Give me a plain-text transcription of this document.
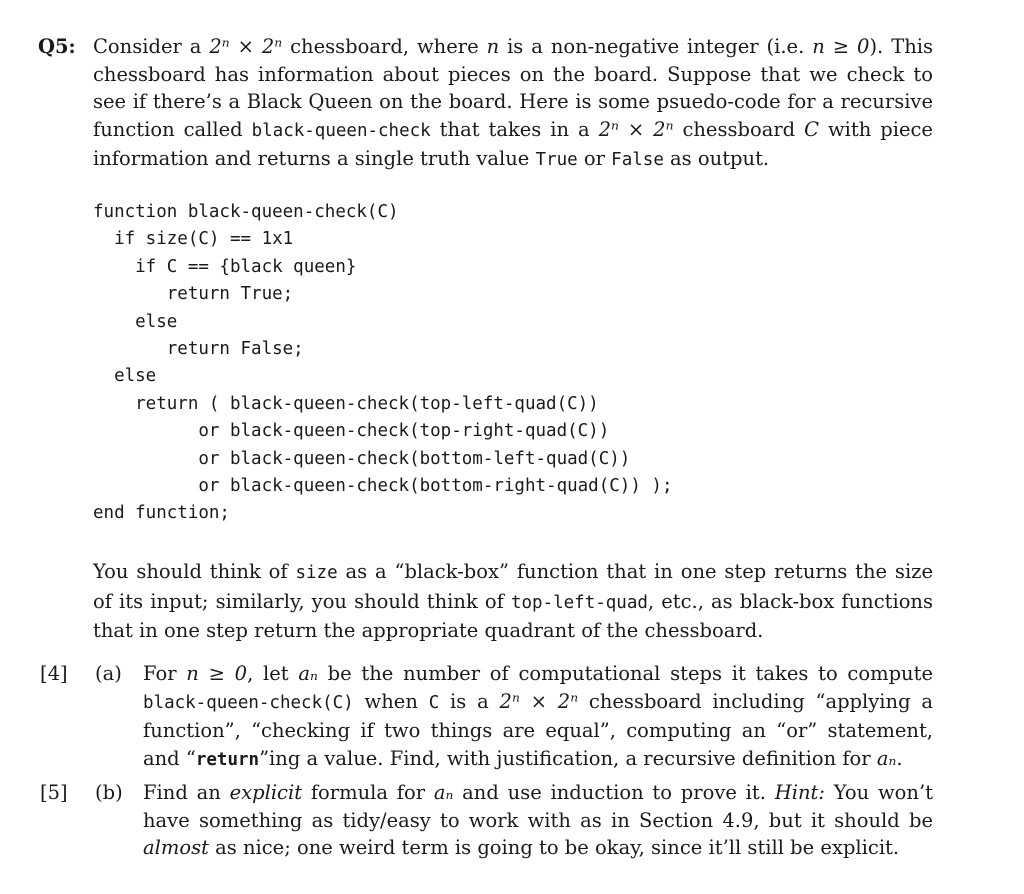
Q5: Consider a 2ⁿ × 2ⁿ chessboard, where n is a non-negative integer (i.e. n ≥ 0). This chessboard has information about pieces on the board. Suppose that we check to see if there’s a Black Queen on the board. Here is some psuedo-code for a recursive function called black-queen-check that takes in a 2ⁿ × 2ⁿ chessboard C with piece information and returns a single truth value True or False as output.
function black-queen-check(C)
if size(C) == 1x1
if C == {black queen}
return True;
else
return False;
else
return ( black-queen-check(top-left-quad(C))
or black-queen-check(top-right-quad(C))
or black-queen-check(bottom-left-quad(C))
or black-queen-check(bottom-right-quad(C)) );
end function;
You should think of size as a “black-box” function that in one step returns the size of its input; similarly, you should think of top-left-quad, etc., as black-box functions that in one step return the appropriate quadrant of the chessboard.
[4] (a) For n ≥ 0, let aₙ be the number of computational steps it takes to compute black-queen-check(C) when C is a 2ⁿ × 2ⁿ chessboard including “applying a function”, “checking if two things are equal”, computing an “or” statement, and “return”ing a value. Find, with justification, a recursive definition for aₙ.
[5] (b) Find an explicit formula for aₙ and use induction to prove it. Hint: You won’t have something as tidy/easy to work with as in Section 4.9, but it should be almost as nice; one weird term is going to be okay, since it’ll still be explicit.
